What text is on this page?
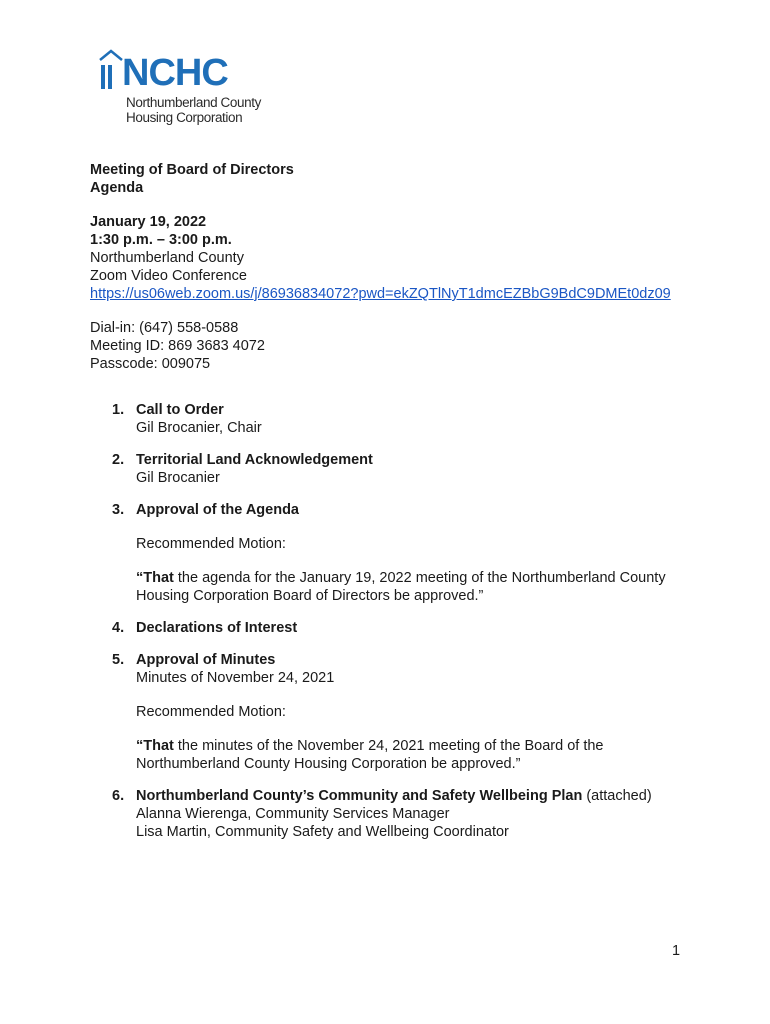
NCHC
Northumberland County
Housing Corporation
Meeting of Board of Directors
Agenda
January 19, 2022
1:30 p.m. – 3:00 p.m.
Northumberland County
Zoom Video Conference
https://us06web.zoom.us/j/86936834072?pwd=ekZQTlNyT1dmcEZBbG9BdC9DMEt0dz09
Dial-in: (647) 558-0588
Meeting ID: 869 3683 4072
Passcode: 009075
1. Call to Order
Gil Brocanier, Chair
2. Territorial Land Acknowledgement
Gil Brocanier
3. Approval of the Agenda
Recommended Motion:
“That the agenda for the January 19, 2022 meeting of the Northumberland County Housing Corporation Board of Directors be approved.”
4. Declarations of Interest
5. Approval of Minutes
Minutes of November 24, 2021
Recommended Motion:
“That the minutes of the November 24, 2021 meeting of the Board of the Northumberland County Housing Corporation be approved.”
6. Northumberland County’s Community and Safety Wellbeing Plan (attached)
Alanna Wierenga, Community Services Manager
Lisa Martin, Community Safety and Wellbeing Coordinator
1
